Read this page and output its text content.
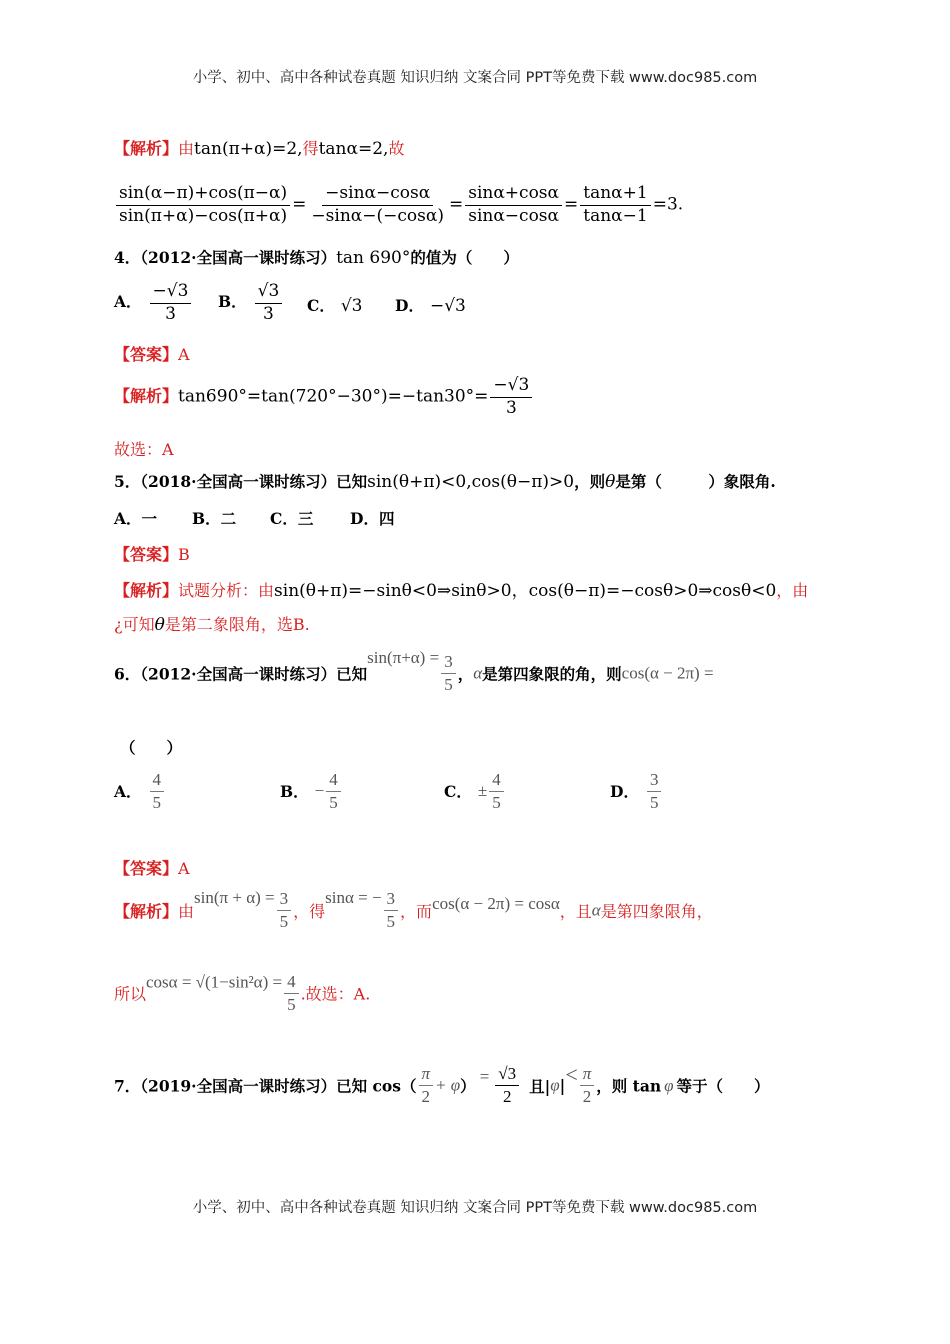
小学、初中、高中各种试卷真题 知识归纳 文案合同 PPT等免费下载 www.doc985.com
【解析】由tan(π+α)=2,得tanα=2,故
$\frac{\sin(\alpha-\pi)+\cos(\pi-\alpha)}{\sin(\pi+\alpha)-\cos(\pi+\alpha)} = \frac{-\sin\alpha-\cos\alpha}{-\sin\alpha-(-\cos\alpha)} = \frac{\sin\alpha+\cos\alpha}{\sin\alpha-\cos\alpha} = \frac{\tan\alpha+1}{\tan\alpha-1} =3$.
4．（2012·全国高一课时练习）tan 690°的值为（　　）
A． $\frac{-√3}{3}$ B． $\frac{√3}{3}$ C． √3 D． −√3
【答案】A
【解析】$\tan 690^\circ=\tan(720^\circ-30^\circ)=-\tan 30^\circ= \frac{-√3}{3}$
故选：A
5．（2018·全国高一课时练习）已知sin(θ+π)<0,cos(θ−π)>0，则θ是第（　　　）象限角.
A．一 B．二 C．三 D．四
【答案】B
【解析】试题分析：由sin(θ+π)=−sinθ<0⇒sinθ>0，cos(θ−π)=−cosθ>0⇒cosθ<0，由
¿可知θ是第二象限角，选B.
6．（2012·全国高一课时练习）已知$\sin(\pi+\alpha) = \frac{3}{5}$ ，α是第四象限的角，则cos(α − 2π) =
（　　）
A． $\frac{4}{5}$	B． − $\frac{4}{5}$	C． ± $\frac{4}{5}$	D． $\frac{3}{5}$
【答案】A
【解析】由$\sin(\pi + \alpha) = \frac{3}{5}$ ，得sinα = − $\frac{3}{5}$ ，而cos(α − 2π) = cosα，且α是第四象限角，
所以$\cos\alpha = √(1-\sin^2\alpha) = \frac{4}{5}$ .故选：A.
7．（2019·全国高一课时练习）已知 $\cos( \frac{\pi}{2} + \varphi) = \frac{√3}{2}$ 且$|\varphi|< \frac{\pi}{2}$ ，则 tan φ 等于（　　）
小学、初中、高中各种试卷真题 知识归纳 文案合同 PPT等免费下载 www.doc985.com
